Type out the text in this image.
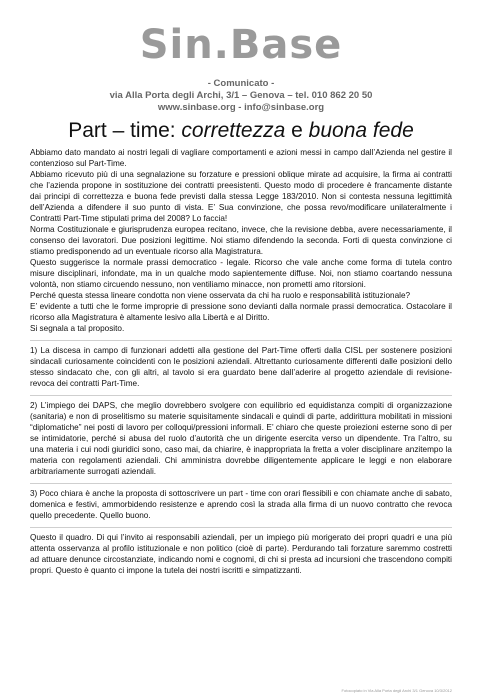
Sin.Base
- Comunicato -
via Alla Porta degli Archi, 3/1 – Genova – tel. 010 862 20 50
www.sinbase.org - info@sinbase.org
Part – time: correttezza e buona fede

Abbiamo dato mandato ai nostri legali di vagliare comportamenti e azioni messi in campo dall’Azienda nel gestire il contenzioso sul Part-Time.

Abbiamo ricevuto più di una segnalazione su forzature e pressioni oblique mirate ad acquisire, la firma ai contratti che l’azienda propone in sostituzione dei contratti preesistenti. Questo modo di procedere è francamente distante dai principi di correttezza e buona fede previsti dalla stessa Legge 183/2010. Non si contesta nessuna legittimità dell’Azienda a difendere il suo punto di vista. E’ Sua convinzione, che possa revo/modificare unilateralmente i Contratti Part-Time stipulati prima del 2008? Lo faccia!

Norma Costituzionale e giurisprudenza europea recitano, invece, che la revisione debba, avere necessariamente, il consenso dei lavoratori. Due posizioni legittime. Noi stiamo difendendo la seconda. Forti di questa convinzione ci stiamo predisponendo ad un eventuale ricorso alla Magistratura.

Questo suggerisce la normale prassi democratico - legale. Ricorso che vale anche come forma di tutela contro misure disciplinari, infondate, ma in un qualche modo sapientemente diffuse. Noi, non stiamo coartando nessuna volontà, non stiamo circuendo nessuno, non ventiliamo minacce, non prometti amo ritorsioni.

Perché questa stessa lineare condotta non viene osservata da chi ha ruolo e responsabilità istituzionale?

E’ evidente a tutti che le forme improprie di pressione sono devianti dalla normale prassi democratica. Ostacolare il ricorso alla Magistratura è altamente lesivo alla Libertà e al Diritto.

Si segnala a tal proposito.

1) La discesa in campo di funzionari addetti alla gestione del Part-Time offerti dalla CISL per sostenere posizioni sindacali curiosamente coincidenti con le posizioni aziendali. Altrettanto curiosamente differenti dalle posizioni dello stesso sindacato che, con gli altri, al tavolo si era guardato bene dall’aderire al progetto aziendale di revisione-revoca dei contratti Part-Time.

2) L’impiego dei DAPS, che meglio dovrebbero svolgere con equilibrio ed equidistanza compiti di organizzazione (sanitaria) e non di proselitismo su materie squisitamente sindacali e quindi di parte, addirittura mobilitati in missioni “diplomatiche” nei posti di lavoro per colloqui/pressioni informali. E’ chiaro che queste proiezioni esterne sono di per se intimidatorie, perché si abusa del ruolo d’autorità che un dirigente esercita verso un dipendente. Tra l’altro, su una materia i cui nodi giuridici sono, caso mai, da chiarire, è inappropriata la fretta a voler disciplinare anzitempo la materia con regolamenti aziendali. Chi amministra dovrebbe diligentemente applicare le leggi e non elaborare arbitrariamente surrogati aziendali.

3) Poco chiara è anche la proposta di sottoscrivere un part - time con orari flessibili e con chiamate anche di sabato, domenica e festivi, ammorbidendo resistenze e aprendo così la strada alla firma di un nuovo contratto che revoca quello precedente. Quello buono.

Questo il quadro. Di qui l’invito ai responsabili aziendali, per un impiego più morigerato dei propri quadri e una più attenta osservanza al profilo istituzionale e non politico (cioè di parte). Perdurando tali forzature saremmo costretti ad attuare denunce circostanziate, indicando nomi e cognomi, di chi si presta ad incursioni che trascendono compiti propri. Questo è quanto ci impone la tutela dei nostri iscritti e simpatizzanti.

Fotocopiato in Via Alla Porta degli Archi 3/1 Genova 10/3/2012
